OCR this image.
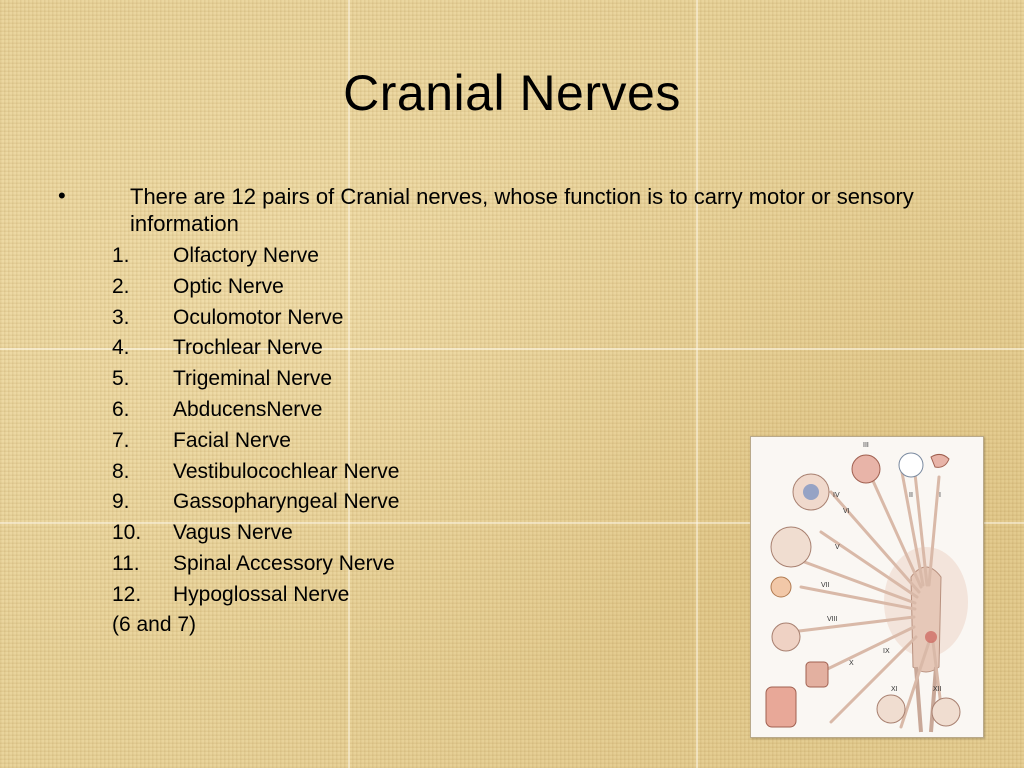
Cranial Nerves
•	There are 12 pairs of Cranial nerves, whose function is to carry motor or sensory information
1.	Olfactory Nerve
2.	Optic Nerve
3.	Oculomotor Nerve
4.	Trochlear Nerve
5.	Trigeminal Nerve
6.	AbducensNerve
7.	Facial Nerve
8.	Vestibulocochlear Nerve
9.	Gassopharyngeal Nerve
10.	Vagus Nerve
11.	Spinal Accessory Nerve
12.	Hypoglossal Nerve
(6 and 7)
III
IV
VI
II	I
V
VII
VIII
IX
X
XI	XII
